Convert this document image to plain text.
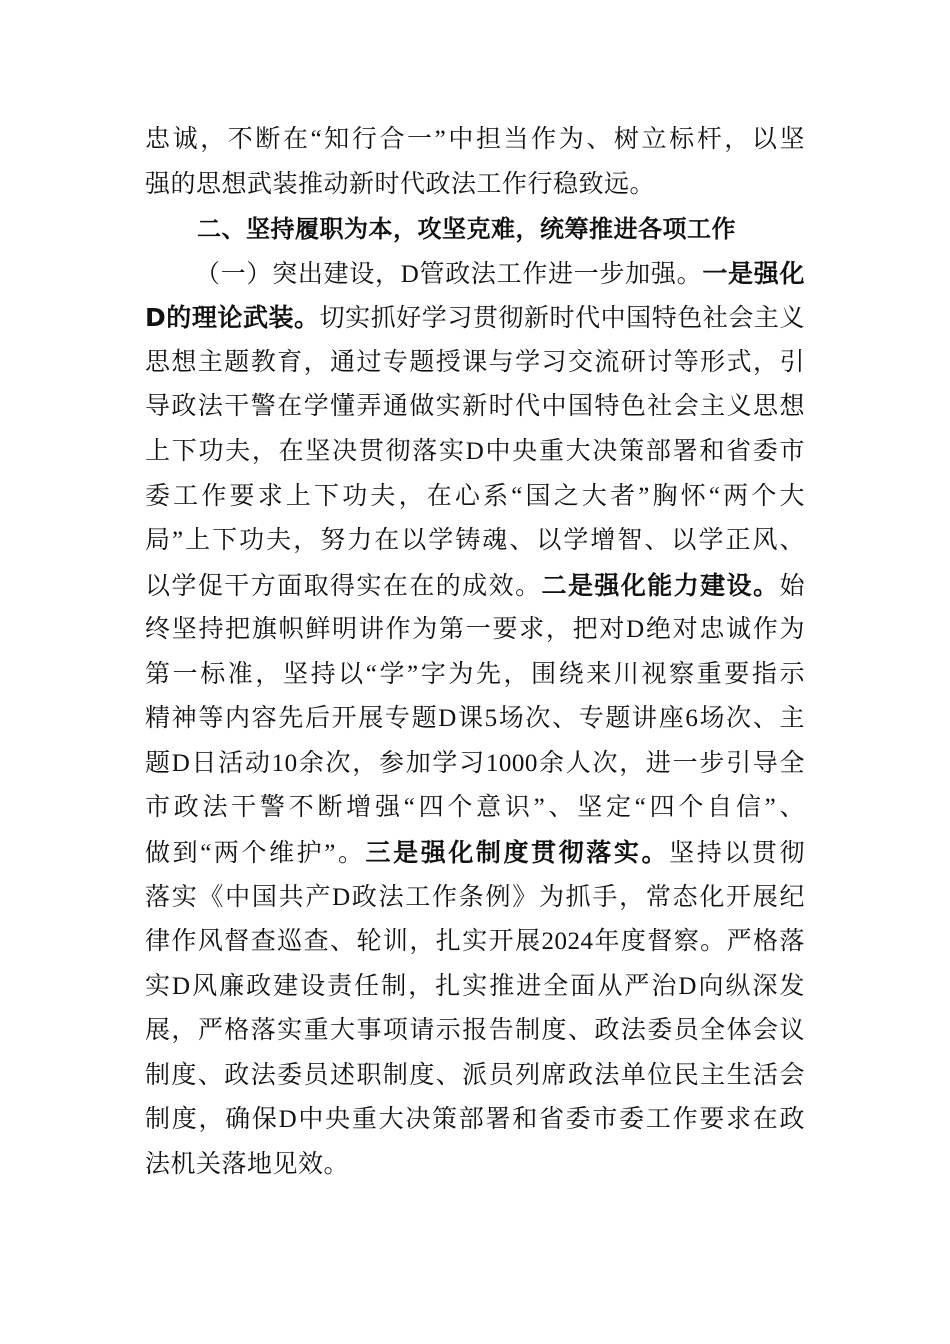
忠诚，不断在“知行合一”中担当作为、树立标杆，以坚
强的思想武装推动新时代政法工作行稳致远。
二、坚持履职为本，攻坚克难，统筹推进各项工作
（一）突出建设，D管政法工作进一步加强。一是强化
D的理论武装。切实抓好学习贯彻新时代中国特色社会主义
思想主题教育，通过专题授课与学习交流研讨等形式，引
导政法干警在学懂弄通做实新时代中国特色社会主义思想
上下功夫，在坚决贯彻落实D中央重大决策部署和省委市
委工作要求上下功夫，在心系“国之大者”胸怀“两个大
局”上下功夫，努力在以学铸魂、以学增智、以学正风、
以学促干方面取得实在在的成效。二是强化能力建设。始
终坚持把旗帜鲜明讲作为第一要求，把对D绝对忠诚作为
第一标准，坚持以“学”字为先，围绕来川视察重要指示
精神等内容先后开展专题D课5场次、专题讲座6场次、主
题D日活动10余次，参加学习1000余人次，进一步引导全
市政法干警不断增强“四个意识”、坚定“四个自信”、
做到“两个维护”。三是强化制度贯彻落实。坚持以贯彻
落实《中国共产D政法工作条例》为抓手，常态化开展纪
律作风督查巡查、轮训，扎实开展2024年度督察。严格落
实D风廉政建设责任制，扎实推进全面从严治D向纵深发
展，严格落实重大事项请示报告制度、政法委员全体会议
制度、政法委员述职制度、派员列席政法单位民主生活会
制度，确保D中央重大决策部署和省委市委工作要求在政
法机关落地见效。
